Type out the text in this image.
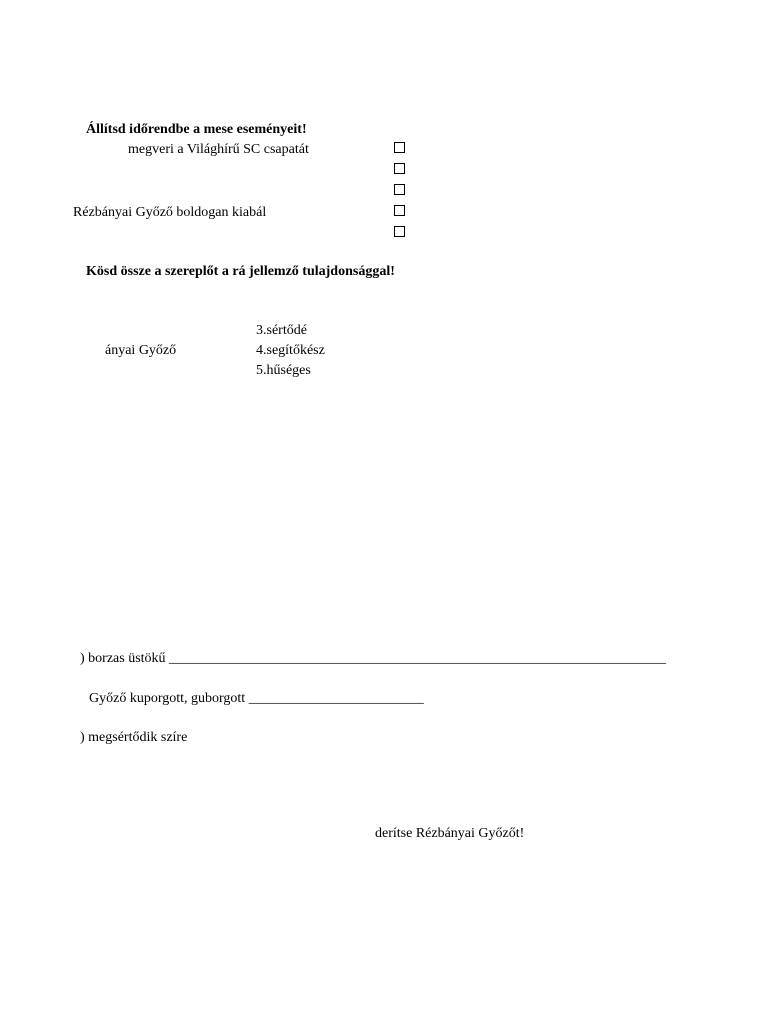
Állítsd időrendbe a mese eseményeit!
megveri a Világhírű SC csapatát
Rézbányai Győző boldogan kiabál
Kösd össze a szereplőt a rá jellemző tulajdonsággal!
3.sértődé
ányai Győző	4.segítőkész
5.hűséges
) borzas üstökű _______________________________________________________________________
Győző kuporgott, guborgott _________________________
) megsértődik szíre
derítse Rézbányai Győzőt!
